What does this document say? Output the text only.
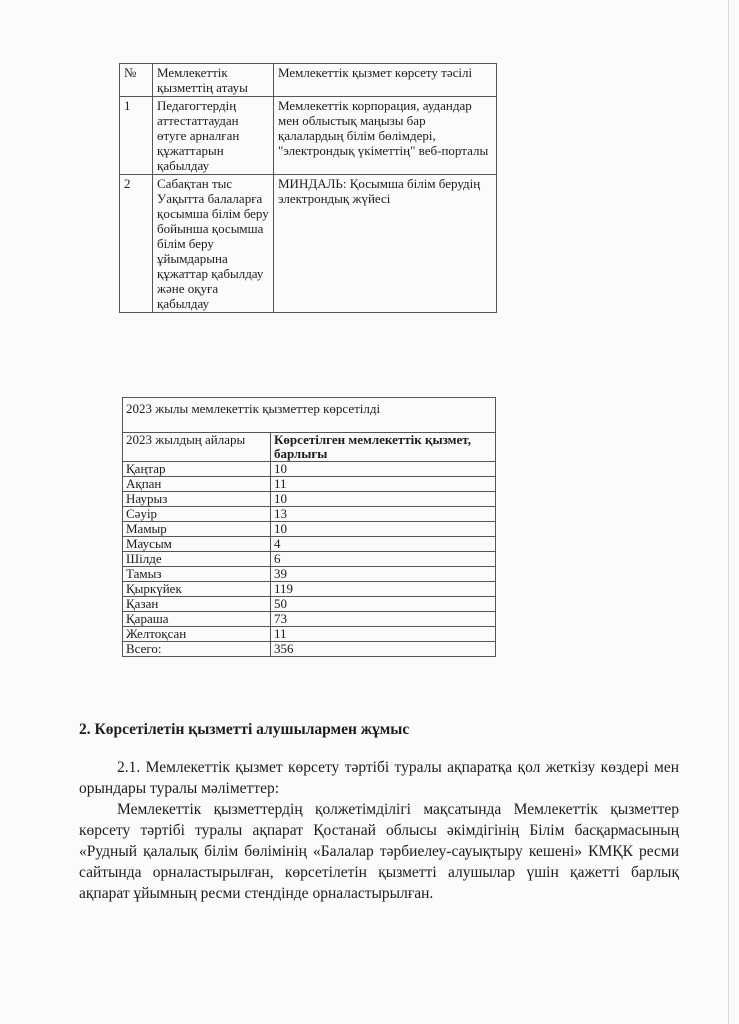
№	Мемлекеттік қызметтің атауы	Мемлекеттік қызмет көрсету тәсілі
1	Педагогтердің аттестаттаудан өтуге арналған құжаттарын қабылдау	Мемлекеттік корпорация, аудандар мен облыстық маңызы бар қалалардың білім бөлімдері, "электрондық үкіметтің" веб-порталы
2	Сабақтан тыс Уақытта балаларға қосымша білім беру бойынша қосымша білім беру ұйымдарына құжаттар қабылдау және оқуға қабылдау	МИНДАЛЬ: Қосымша білім берудің электрондық жүйесі
2023 жылы мемлекеттік қызметтер көрсетілді	
2023 жылдың айлары	Көрсетілген мемлекеттік қызмет, барлығы
Қаңтар	10
Ақпан	11
Наурыз	10
Сәуір	13
Мамыр	10
Маусым	4
Шілде	6
Тамыз	39
Қыркүйек	119
Қазан	50
Қараша	73
Желтоқсан	11
Всего:	356
2. Көрсетілетін қызметті алушылармен жұмыс

2.1. Мемлекеттік қызмет көрсету тәртібі туралы ақпаратқа қол жеткізу көздері мен орындары туралы мәліметтер:

Мемлекеттік қызметтердің қолжетімділігі мақсатында Мемлекеттік қызметтер көрсету тәртібі туралы ақпарат Қостанай облысы әкімдігінің Білім басқармасының «Рудный қалалық білім бөлімінің «Балалар тәрбиелеу-сауықтыру кешені» КМҚК ресми сайтында орналастырылған, көрсетілетін қызметті алушылар үшін қажетті барлық ақпарат ұйымның ресми стендінде орналастырылған.
